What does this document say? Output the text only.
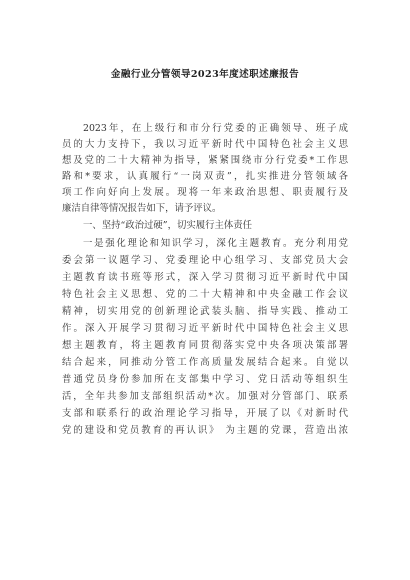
金融行业分管领导2023年度述职述廉报告
2023年，在上级行和市分行党委的正确领导、班子成
员的大力支持下，我以习近平新时代中国特色社会主义思
想及党的二十大精神为指导，紧紧围绕市分行党委*工作思
路和*要求，认真履行“一岗双责”，扎实推进分管领域各
项工作向好向上发展。现将一年来政治思想、职责履行及
廉洁自律等情况报告如下，请予评议。
一、坚持“政治过硬”，切实履行主体责任
一是强化理论和知识学习，深化主题教育。充分利用党
委会第一议题学习、党委理论中心组学习、支部党员大会
主题教育读书班等形式，深入学习贯彻习近平新时代中国
特色社会主义思想、党的二十大精神和中央金融工作会议
精神，切实用党的创新理论武装头脑、指导实践、推动工
作。深入开展学习贯彻习近平新时代中国特色社会主义思
想主题教育，将主题教育同贯彻落实党中央各项决策部署
结合起来，同推动分管工作高质量发展结合起来。自觉以
普通党员身份参加所在支部集中学习、党日活动等组织生
活，全年共参加支部组织活动*次。加强对分管部门、联系
支部和联系行的政治理论学习指导，开展了以《对新时代
党的建设和党员教育的再认识》 为主题的党课，营造出浓
